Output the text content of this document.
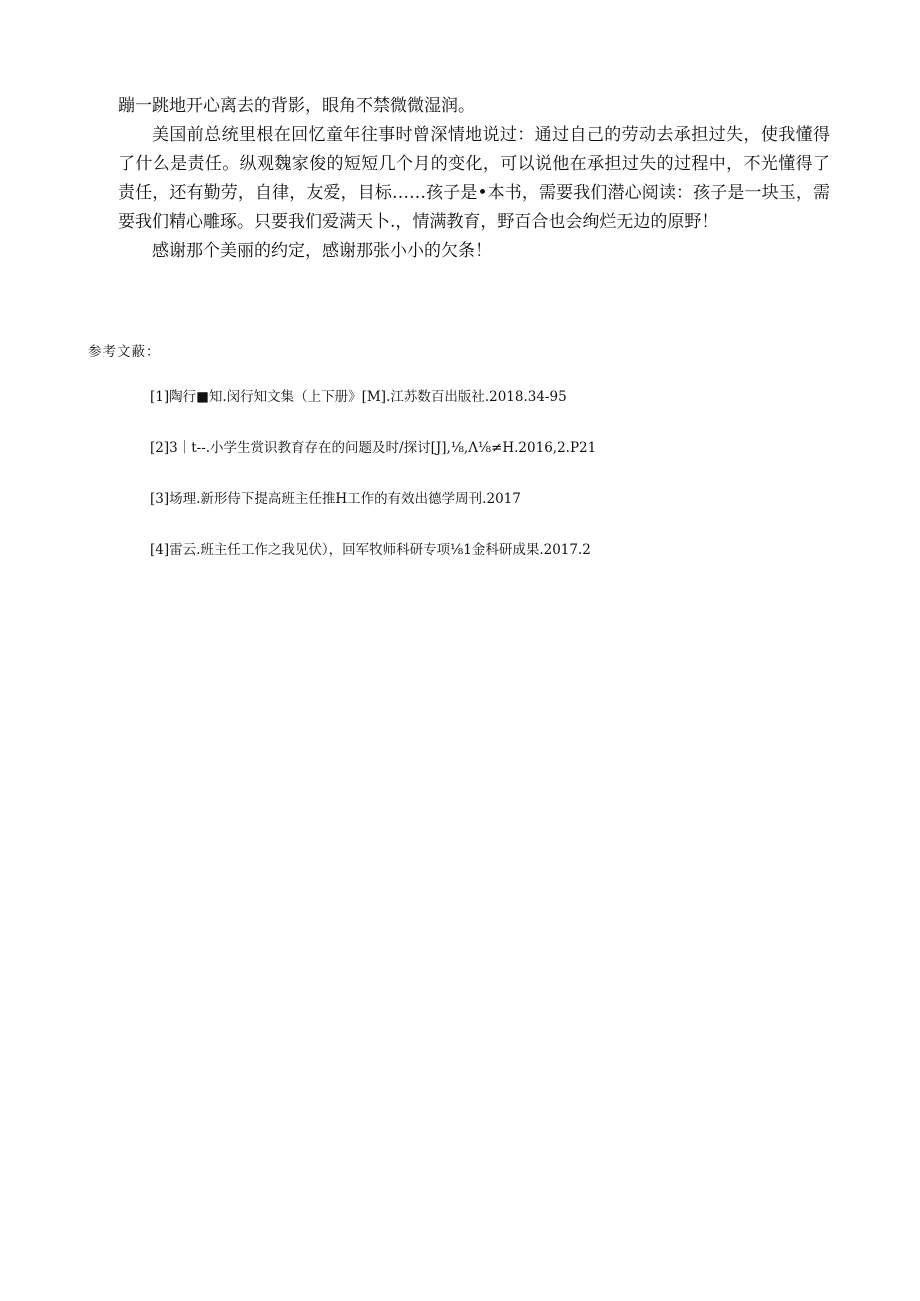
蹦一跳地开心离去的背影，眼角不禁微微湿润。

美国前总统里根在回忆童年往事时曾深情地说过：通过自己的劳动去承担过失，使我懂得了什么是责任。纵观魏家俊的短短几个月的变化，可以说他在承担过失的过程中，不光懂得了责任，还有勤劳，自律，友爱，目标……孩子是•本书，需要我们潜心阅读：孩子是一块玉，需要我们精心雕琢。只要我们爱满天卜.，情满教育，野百合也会绚烂无边的原野！

感谢那个美丽的约定，感谢那张小小的欠条！

参考文蔽：
[1]陶行■知.闵行知文集（上下册》[M].江苏数百出版社.2018.34-95
[2]3｜t--.小学生赏识教育存在的问题及时/探讨[J],⅛,Λ⅛≠H.2016,2.P21
[3]场理.新形侍下提高班主任推H工作的有效出德学周刊.2017
[4]雷云.班主任工作之我见伏），回军牧师科研专项⅛1金科研成果.2017.2
